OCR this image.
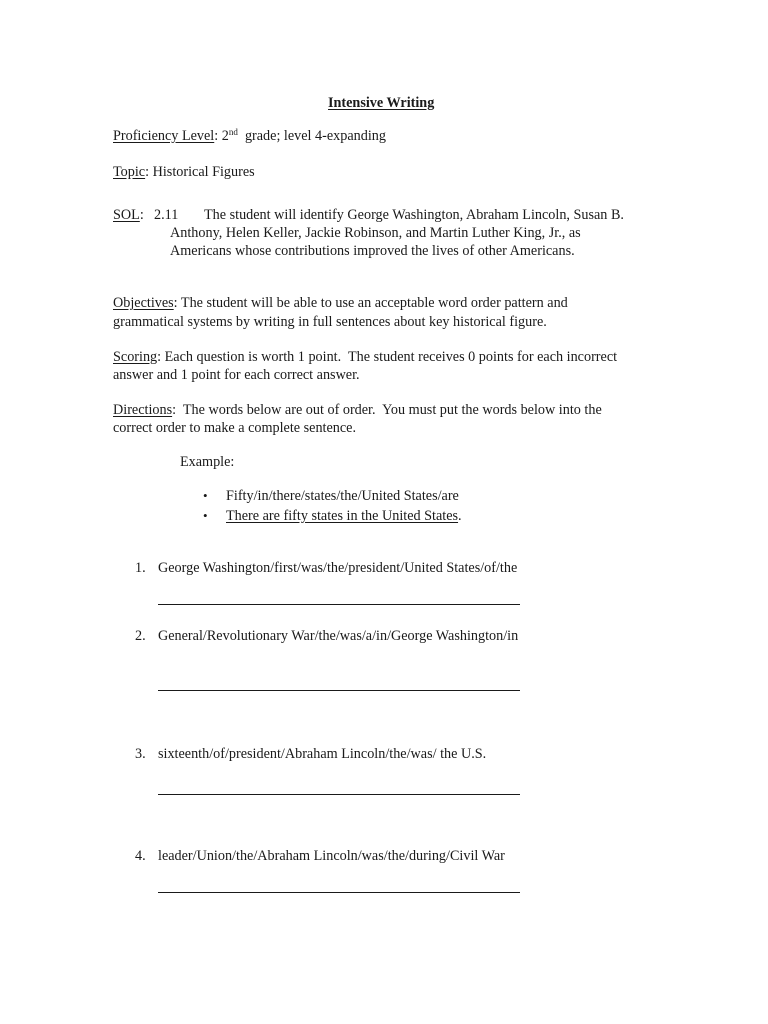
Intensive Writing
Proficiency Level: 2nd  grade; level 4-expanding
Topic: Historical Figures
SOL: 2.11 The student will identify George Washington, Abraham Lincoln, Susan B.
Anthony, Helen Keller, Jackie Robinson, and Martin Luther King, Jr., as
Americans whose contributions improved the lives of other Americans.
Objectives: The student will be able to use an acceptable word order pattern and
grammatical systems by writing in full sentences about key historical figure.
Scoring: Each question is worth 1 point.  The student receives 0 points for each incorrect
answer and 1 point for each correct answer.
Directions:  The words below are out of order.  You must put the words below into the
correct order to make a complete sentence.
Example:
• Fifty/in/there/states/the/United States/are
• There are fifty states in the United States.
1. George Washington/first/was/the/president/United States/of/the
2. General/Revolutionary War/the/was/a/in/George Washington/in
3. sixteenth/of/president/Abraham Lincoln/the/was/ the U.S.
4. leader/Union/the/Abraham Lincoln/was/the/during/Civil War
